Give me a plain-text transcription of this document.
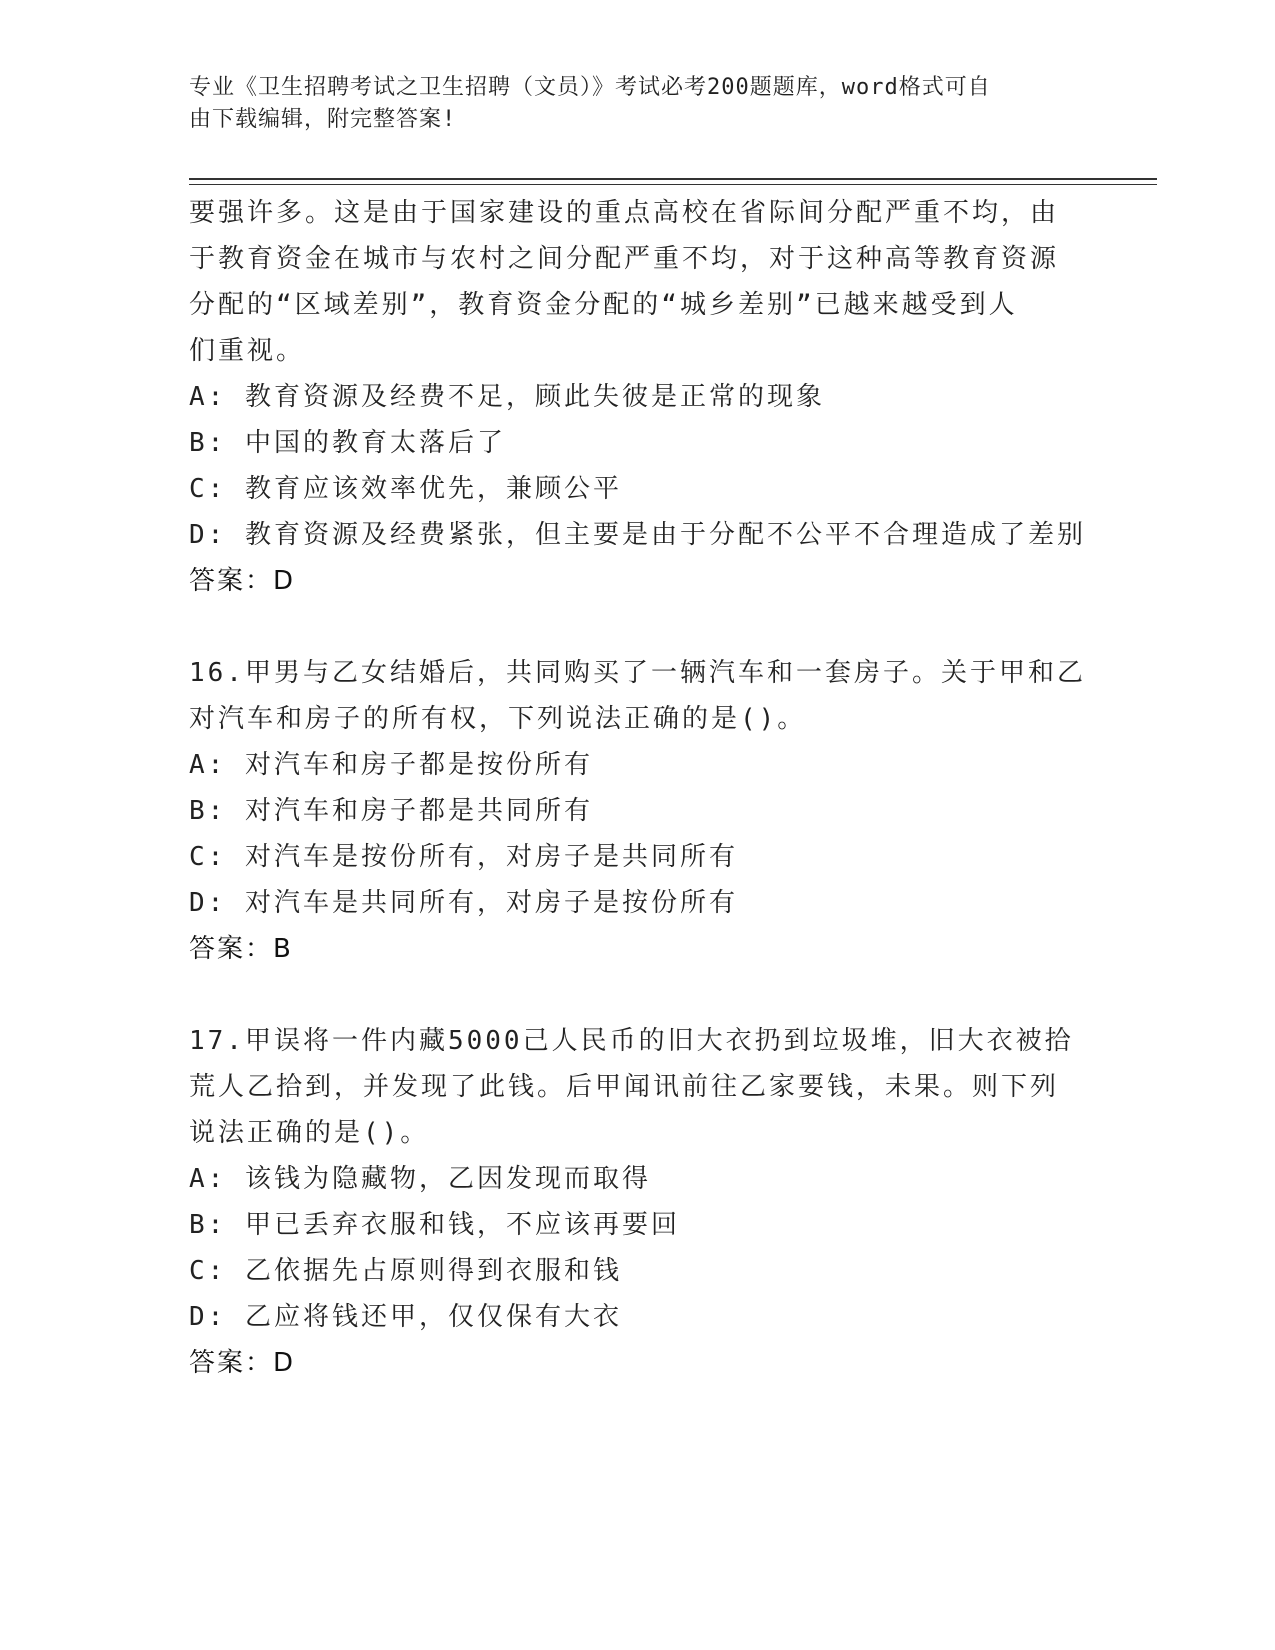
专业《卫生招聘考试之卫生招聘（文员）》考试必考200题题库，word格式可自
由下载编辑，附完整答案!
要强许多。这是由于国家建设的重点高校在省际间分配严重不均，由
于教育资金在城市与农村之间分配严重不均，对于这种高等教育资源
分配的“区域差别”，教育资金分配的“城乡差别”已越来越受到人
们重视。
A: 教育资源及经费不足，顾此失彼是正常的现象
B: 中国的教育太落后了
C: 教育应该效率优先，兼顾公平
D: 教育资源及经费紧张，但主要是由于分配不公平不合理造成了差别
答案：D
16.甲男与乙女结婚后，共同购买了一辆汽车和一套房子。关于甲和乙
对汽车和房子的所有权，下列说法正确的是()。
A: 对汽车和房子都是按份所有
B: 对汽车和房子都是共同所有
C: 对汽车是按份所有，对房子是共同所有
D: 对汽车是共同所有，对房子是按份所有
答案：B
17.甲误将一件内藏5000己人民币的旧大衣扔到垃圾堆，旧大衣被拾
荒人乙拾到，并发现了此钱。后甲闻讯前往乙家要钱，未果。则下列
说法正确的是()。
A: 该钱为隐藏物，乙因发现而取得
B: 甲已丢弃衣服和钱，不应该再要回
C: 乙依据先占原则得到衣服和钱
D: 乙应将钱还甲，仅仅保有大衣
答案：D
